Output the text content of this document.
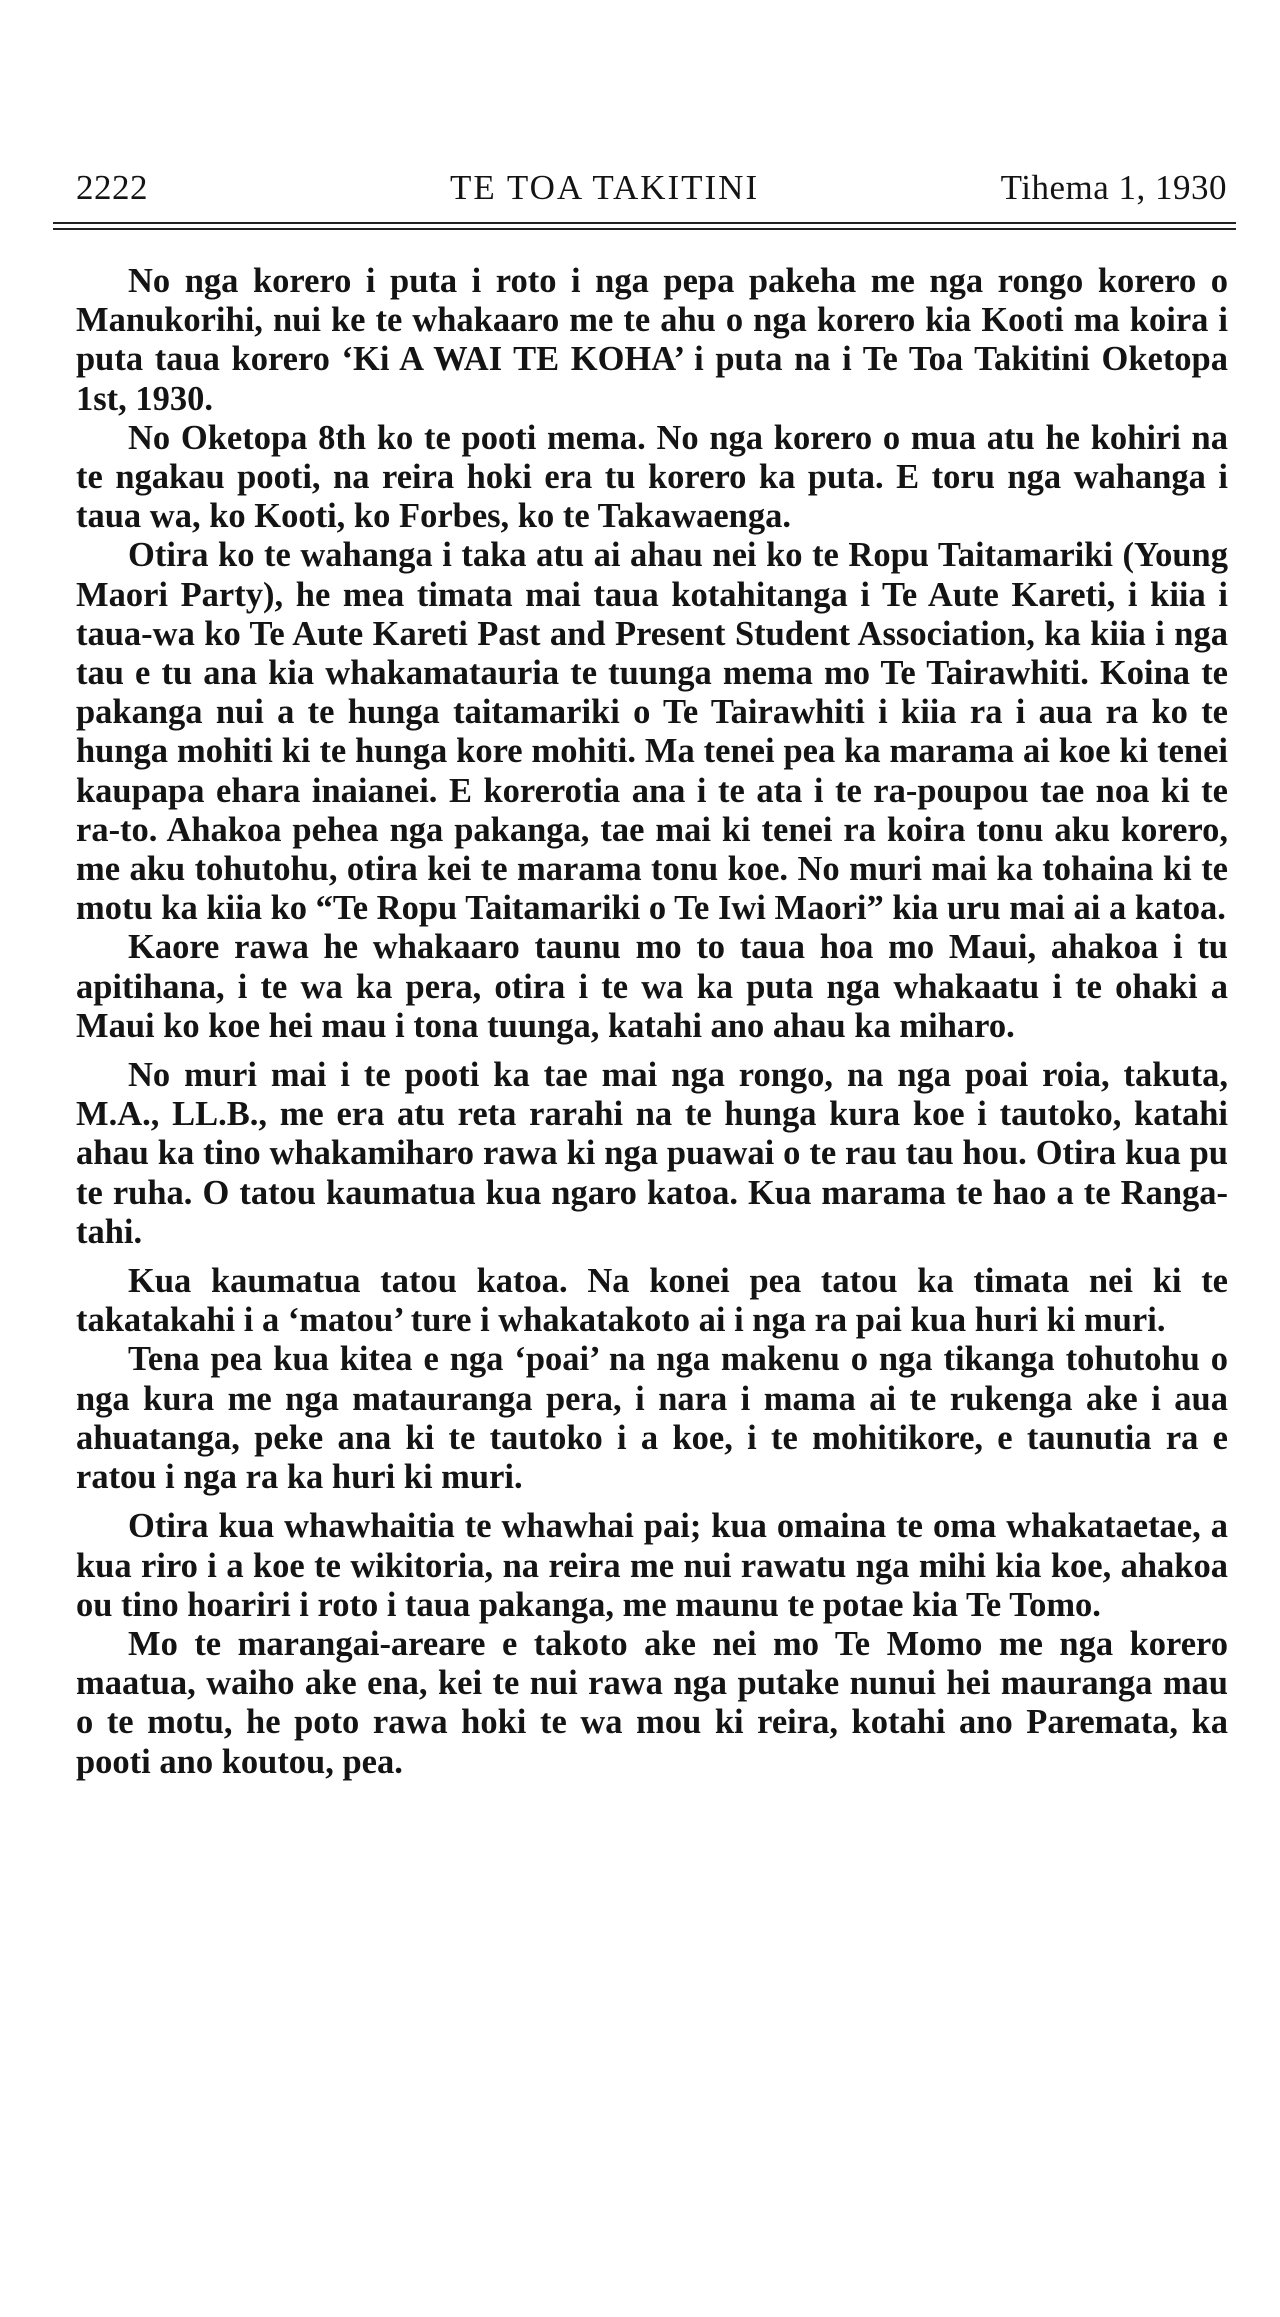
2222	TE TOA TAKITINI	Tihema 1, 1930

No nga korero i puta i roto i nga pepa pakeha me nga rongo korero o Manukorihi, nui ke te whakaaro me te ahu o nga korero kia Kooti ma koira i puta taua korero ‘Ki A WAI TE KOHA’ i puta na i Te Toa Takitini Oketopa 1st, 1930.

No Oketopa 8th ko te pooti mema. No nga korero o mua atu he kohiri na te ngakau pooti, na reira hoki era tu korero ka puta. E toru nga wahanga i taua wa, ko Kooti, ko Forbes, ko te Takawaenga.

Otira ko te wahanga i taka atu ai ahau nei ko te Ropu Taitamariki (Young Maori Party), he mea timata mai taua kotahitanga i Te Aute Kareti, i kiia i taua-wa ko Te Aute Kareti Past and Present Student Association, ka kiia i nga tau e tu ana kia whakamatauria te tuunga mema mo Te Tairawhiti. Koina te pakanga nui a te hunga taitamariki o Te Tairawhiti i kiia ra i aua ra ko te hunga mohiti ki te hunga kore mohiti. Ma tenei pea ka marama ai koe ki tenei kaupapa ehara inaianei. E korerotia ana i te ata i te ra-poupou tae noa ki te ra-to. Ahakoa pehea nga pakanga, tae mai ki tenei ra koira tonu aku korero, me aku tohutohu, otira kei te marama tonu koe. No muri mai ka tohaina ki te motu ka kiia ko “Te Ropu Taitamariki o Te Iwi Maori” kia uru mai ai a katoa.

Kaore rawa he whakaaro taunu mo to taua hoa mo Maui, ahakoa i tu apitihana, i te wa ka pera, otira i te wa ka puta nga whakaatu i te ohaki a Maui ko koe hei mau i tona tuunga, katahi ano ahau ka miharo.

No muri mai i te pooti ka tae mai nga rongo, na nga poai roia, takuta, M.A., LL.B., me era atu reta rarahi na te hunga kura koe i tautoko, katahi ahau ka tino whakamiharo rawa ki nga puawai o te rau tau hou. Otira kua pu te ruha. O tatou kaumatua kua ngaro katoa. Kua marama te hao a te Ranga-tahi.

Kua kaumatua tatou katoa. Na konei pea tatou ka timata nei ki te takatakahi i a ‘matou’ ture i whakatakoto ai i nga ra pai kua huri ki muri.

Tena pea kua kitea e nga ‘poai’ na nga makenu o nga tikanga tohutohu o nga kura me nga matauranga pera, i nara i mama ai te rukenga ake i aua ahuatanga, peke ana ki te tautoko i a koe, i te mohitikore, e taunutia ra e ratou i nga ra ka huri ki muri.

Otira kua whawhaitia te whawhai pai; kua omaina te oma whakataetae, a kua riro i a koe te wikitoria, na reira me nui rawatu nga mihi kia koe, ahakoa ou tino hoariri i roto i taua pakanga, me maunu te potae kia Te Tomo.

Mo te marangai-areare e takoto ake nei mo Te Momo me nga korero maatua, waiho ake ena, kei te nui rawa nga putake nunui hei mauranga mau o te motu, he poto rawa hoki te wa mou ki reira, kotahi ano Paremata, ka pooti ano koutou, pea.
